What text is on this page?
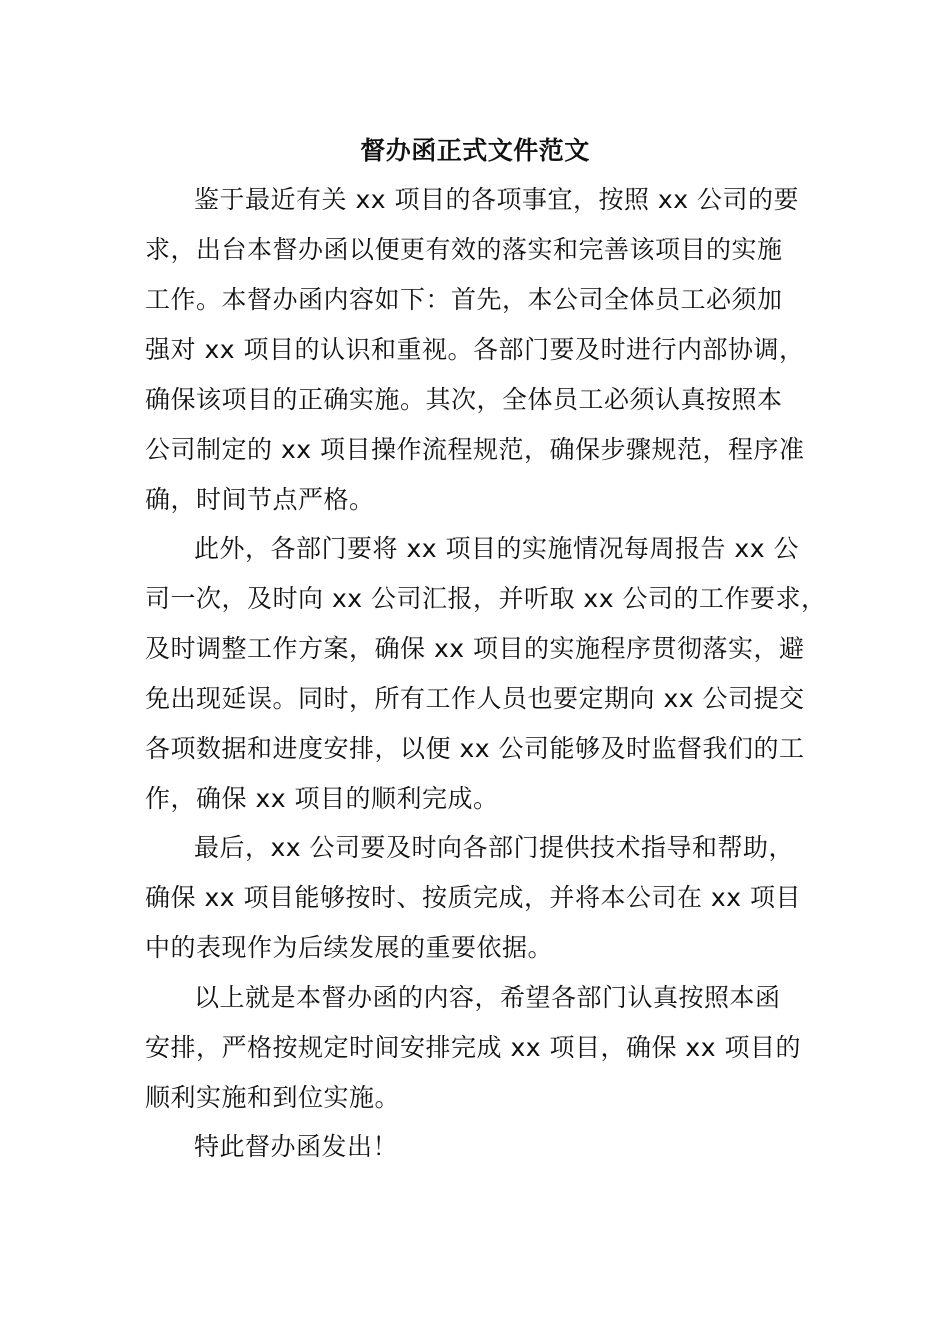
督办函正式文件范文
鉴于最近有关 xx 项目的各项事宜，按照 xx 公司的要
求，出台本督办函以便更有效的落实和完善该项目的实施
工作。本督办函内容如下：首先，本公司全体员工必须加
强对 xx 项目的认识和重视。各部门要及时进行内部协调，
确保该项目的正确实施。其次，全体员工必须认真按照本
公司制定的 xx 项目操作流程规范，确保步骤规范，程序准
确，时间节点严格。
此外，各部门要将 xx 项目的实施情况每周报告 xx 公
司一次，及时向 xx 公司汇报，并听取 xx 公司的工作要求，
及时调整工作方案，确保 xx 项目的实施程序贯彻落实，避
免出现延误。同时，所有工作人员也要定期向 xx 公司提交
各项数据和进度安排，以便 xx 公司能够及时监督我们的工
作，确保 xx 项目的顺利完成。
最后，xx 公司要及时向各部门提供技术指导和帮助，
确保 xx 项目能够按时、按质完成，并将本公司在 xx 项目
中的表现作为后续发展的重要依据。
以上就是本督办函的内容，希望各部门认真按照本函
安排，严格按规定时间安排完成 xx 项目，确保 xx 项目的
顺利实施和到位实施。
特此督办函发出！
